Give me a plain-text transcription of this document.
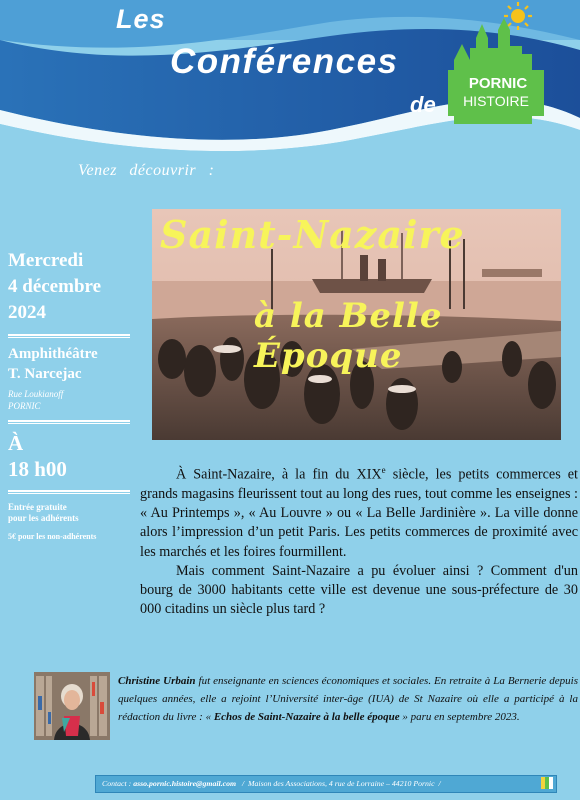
Les
Conférences
de
PORNIC
HISTOIRE
Venez découvrir :
Mercredi
4 décembre
2024
Amphithéâtre
T. Narcejac
Rue Loukianoff
PORNIC
À
18 h00
Entrée gratuite
pour les adhérents
5€ pour les non-adhérents
Saint-Nazaire
à la Belle Époque

À Saint-Nazaire, à la fin du XIXe siècle, les petits commerces et grands magasins fleurissent tout au long des rues, tout comme les enseignes : « Au Printemps », « Au Louvre » ou « La Belle Jardinière ». La ville donne alors l’impression d’un petit Paris. Les petits commerces de proximité avec les marchés et les foires fourmillent.

Mais comment Saint-Nazaire a pu évoluer ainsi ? Comment d'un bourg de 3000 habitants cette ville est devenue une sous-préfecture de 30 000 citadins un siècle plus tard ?

Christine Urbain fut enseignante en sciences économiques et sociales. En retraite à La Bernerie depuis quelques années, elle a rejoint l’Université inter-âge (IUA) de St Nazaire où elle a participé à la rédaction du livre : « Echos de Saint-Nazaire à la belle époque » paru en septembre 2023.
Contact : asso.pornic.histoire@gmail.com / Maison des Associations, 4 rue de Lorraine – 44210 Pornic /
